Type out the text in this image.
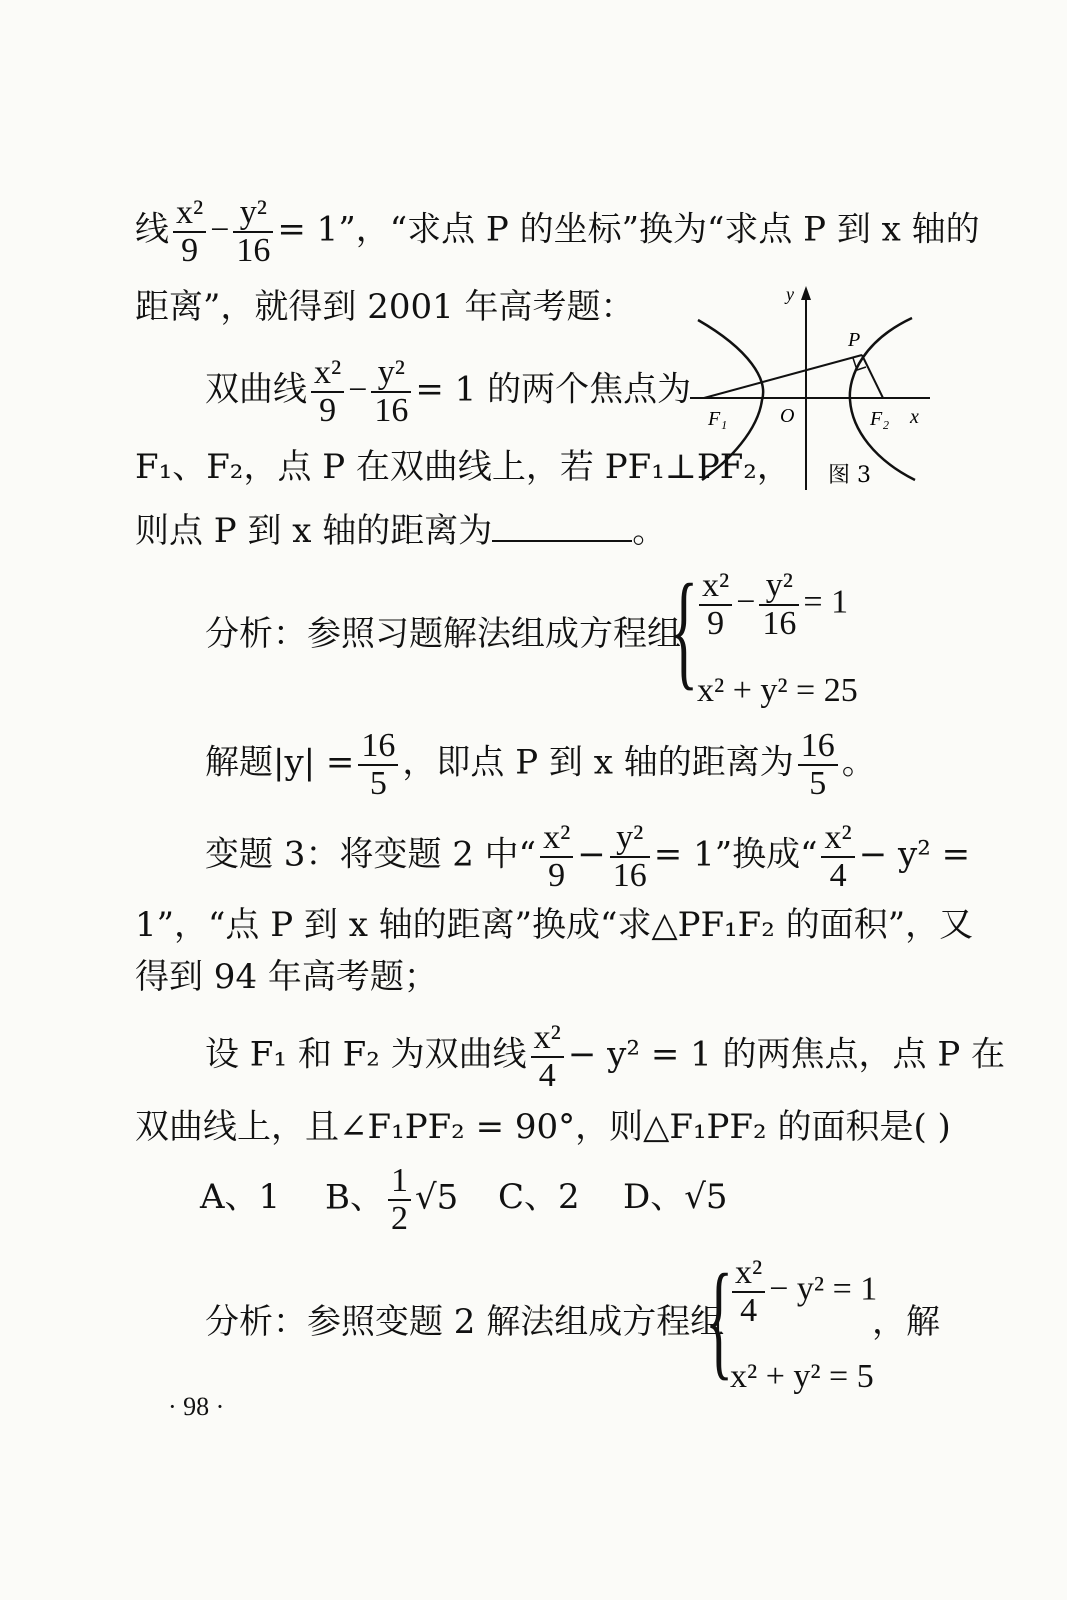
线 $\frac{\text{x²}}{9} - \frac{\text{y²}}{16} = 1$”，“求点 P 的坐标”换为“求点 P 到 x 轴的
距离”，就得到 2001 年高考题：
双曲线 $\frac{\text{x²}}{9} - \frac{\text{y²}}{16} = 1$ 的两个焦点为
F₁、F₂，点 P 在双曲线上，若 PF₁⊥PF₂，
则点 P 到 x 轴的距离为	。
y
P
F₁	O	F₂ x
图 3
分析：参照习题解法组成方程组
{ $\frac{\text{x²}}{9} - \frac{\text{y²}}{16} = 1$
x² + y² = 25
解题$|y| = \frac{16}{5}$ ，即点 P 到 x 轴的距离为 $\frac{16}{5}$ 。
变题 3：将变题 2 中“ $\frac{\text{x²}}{9} - \frac{\text{y²}}{16} = 1$”换成“ $\frac{\text{x²}}{4} - y^2$ =
1”，“点 P 到 x 轴的距离”换成“求△PF₁F₂ 的面积”，又
得到 94 年高考题；
设 F₁ 和 F₂ 为双曲线 $\frac{\text{x²}}{4} - y^2 = 1$ 的两焦点，点 P 在
双曲线上，且∠F₁PF₂ = 90°，则△F₁PF₂ 的面积是( )
A、1 B、 $\frac{1}{2} √5$ C、2 D、√5
分析：参照变题 2 解法组成方程组
{
$\frac{\text{x²}}{4} - y^2 = 1$
x² + y² = 5
，解
· 98 ·
